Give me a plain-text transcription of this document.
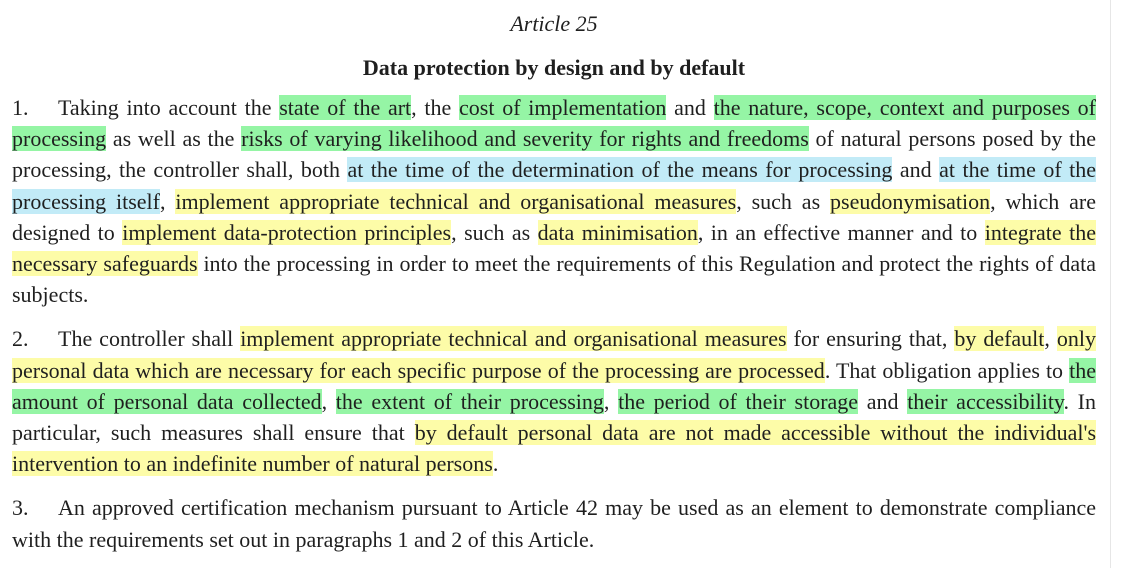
Article 25
Data protection by design and by default

1. Taking into account the state of the art, the cost of implementation and the nature, scope, context and purposes of processing as well as the risks of varying likelihood and severity for rights and freedoms of natural persons posed by the processing, the controller shall, both at the time of the determination of the means for processing and at the time of the processing itself, implement appropriate technical and organisational measures, such as pseudonymisation, which are designed to implement data-protection principles, such as data minimisation, in an effective manner and to integrate the necessary safeguards into the processing in order to meet the requirements of this Regulation and protect the rights of data subjects.

2. The controller shall implement appropriate technical and organisational measures for ensuring that, by default, only personal data which are necessary for each specific purpose of the processing are processed. That obligation applies to the amount of personal data collected, the extent of their processing, the period of their storage and their accessibility. In particular, such measures shall ensure that by default personal data are not made accessible without the individual's intervention to an indefinite number of natural persons.

3. An approved certification mechanism pursuant to Article 42 may be used as an element to demonstrate compliance with the requirements set out in paragraphs 1 and 2 of this Article.
